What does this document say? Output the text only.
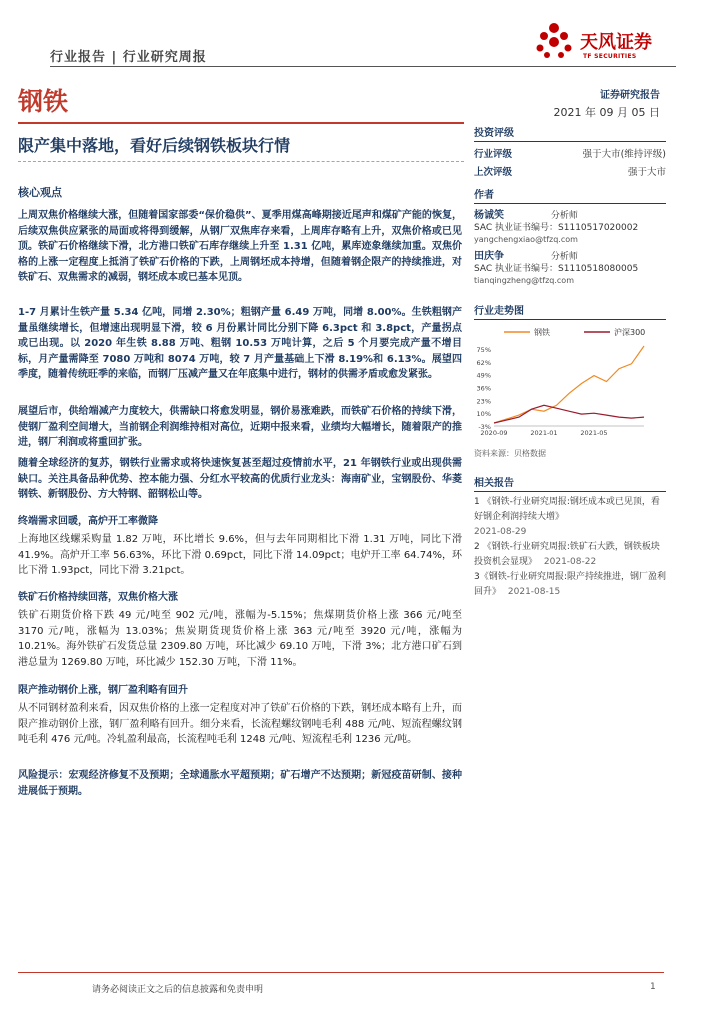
行业报告 | 行业研究周报
天风证券
TF SECURITIES
钢铁	证券研究报告
2021 年 09 月 05 日
限产集中落地，看好后续钢铁板块行情
核心观点
上周双焦价格继续大涨，但随着国家部委“保价稳供”、夏季用煤高峰期接近尾声和煤矿产能的恢复，后续双焦供应紧张的局面或将得到缓解，从钢厂双焦库存来看，上周库存略有上升，双焦价格或已见顶。铁矿石价格继续下滑，北方港口铁矿石库存继续上升至 1.31 亿吨，累库迹象继续加重。双焦价格的上涨一定程度上抵消了铁矿石价格的下跌，上周钢坯成本持增，但随着钢企限产的持续推进，对铁矿石、双焦需求的减弱，钢坯成本或已基本见顶。
1-7 月累计生铁产量 5.34 亿吨，同增 2.30%；粗钢产量 6.49 万吨，同增 8.00%。生铁粗钢产量虽继续增长，但增速出现明显下滑，较 6 月份累计同比分别下降 6.3pct 和 3.8pct，产量拐点或已出现。以 2020 年生铁 8.88 万吨、粗钢 10.53 万吨计算，之后 5 个月要完成产量不增目标，月产量需降至 7080 万吨和 8074 万吨，较 7 月产量基础上下滑 8.19%和 6.13%。展望四季度，随着传统旺季的来临，而钢厂压减产量又在年底集中进行，钢材的供需矛盾或愈发紧张。
展望后市，供给端减产力度较大，供需缺口将愈发明显，钢价易涨难跌，而铁矿石价格的持续下滑，使钢厂盈利空间增大，当前钢企利润维持相对高位，近期中报来看，业绩均大幅增长，随着限产的推进，钢厂利润或将重回扩张。
随着全球经济的复苏，钢铁行业需求或将快速恢复甚至超过疫情前水平，21 年钢铁行业或出现供需缺口。关注具备品种优势、控本能力强、分红水平较高的优质行业龙头：海南矿业，宝钢股份、华菱钢铁、新钢股份、方大特钢、韶钢松山等。
终端需求回暖，高炉开工率微降
上海地区线螺采购量 1.82 万吨，环比增长 9.6%，但与去年同期相比下滑 1.31 万吨，同比下滑 41.9%。高炉开工率 56.63%，环比下滑 0.69pct，同比下滑 14.09pct；电炉开工率 64.74%，环比下滑 1.93pct，同比下滑 3.21pct。
铁矿石价格持续回落，双焦价格大涨
铁矿石期货价格下跌 49 元/吨至 902 元/吨，涨幅为-5.15%；焦煤期货价格上涨 366 元/吨至 3170 元/吨，涨幅为 13.03%；焦炭期货现货价格上涨 363 元/吨至 3920 元/吨，涨幅为 10.21%。海外铁矿石发货总量 2309.80 万吨，环比减少 69.10 万吨，下滑 3%；北方港口矿石到港总量为 1269.80 万吨，环比减少 152.30 万吨，下滑 11%。
限产推动钢价上涨，钢厂盈利略有回升
从不同钢材盈利来看，因双焦价格的上涨一定程度对冲了铁矿石价格的下跌，钢坯成本略有上升，而限产推动钢价上涨，钢厂盈利略有回升。细分来看，长流程螺纹钢吨毛利 488 元/吨、短流程螺纹钢吨毛利 476 元/吨。冷轧盈利最高，长流程吨毛利 1248 元/吨、短流程毛利 1236 元/吨。
风险提示：宏观经济修复不及预期；全球通胀水平超预期；矿石增产不达预期；新冠疫苗研制、接种进展低于预期。
投资评级
行业评级	强于大市(维持评级)
上次评级	强于大市
作者
杨诚笑	分析师
SAC 执业证书编号：S1110517020002
yangchengxiao@tfzq.com
田庆争	分析师
SAC 执业证书编号：S1110518080005
tianqingzheng@tfzq.com
行业走势图
钢铁	沪深300
-3%
10%
23%
36%
49%
62%
75%
2020-09	2021-01	2021-05
资料来源：贝格数据
相关报告
1 《钢铁-行业研究周报:钢坯成本或已见顶，看好钢企利润持续大增》
2021-08-29
2 《钢铁-行业研究周报:铁矿石大跌，钢铁板块投资机会显现》 2021-08-22
3《钢铁-行业研究周报:限产持续推进，钢厂盈利回升》 2021-08-15
请务必阅读正文之后的信息披露和免责申明	1
